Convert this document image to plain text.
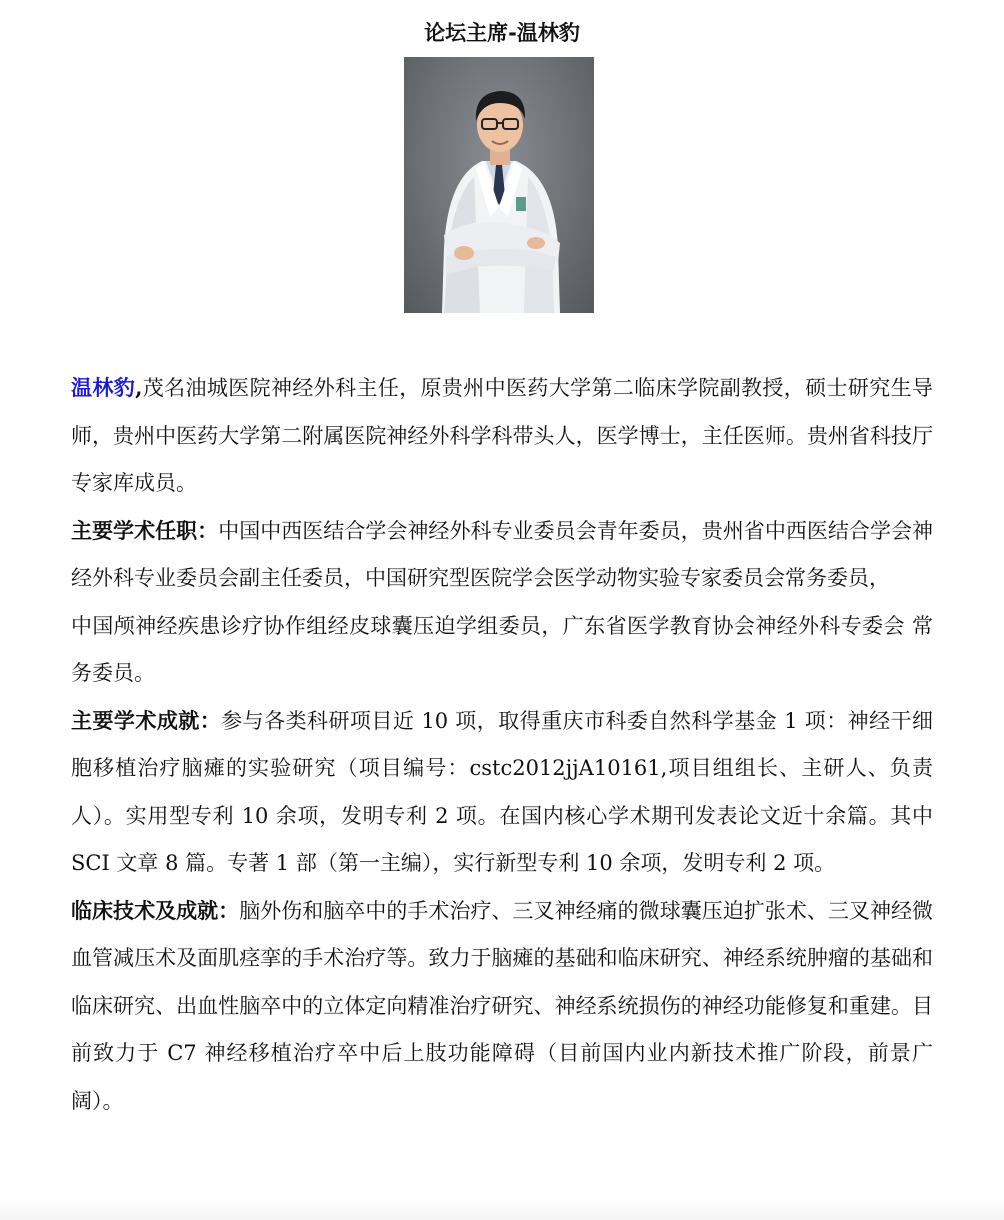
论坛主席-温林豹

温林豹,茂名油城医院神经外科主任，原贵州中医药大学第二临床学院副教授，硕士研究生导师，贵州中医药大学第二附属医院神经外科学科带头人，医学博士，主任医师。贵州省科技厅专家库成员。

主要学术任职：中国中西医结合学会神经外科专业委员会青年委员，贵州省中西医结合学会神经外科专业委员会副主任委员，中国研究型医院学会医学动物实验专家委员会常务委员，

中国颅神经疾患诊疗协作组经皮球囊压迫学组委员，广东省医学教育协会神经外科专委会 常务委员。

主要学术成就：参与各类科研项目近 10 项，取得重庆市科委自然科学基金 1 项：神经干细胞移植治疗脑瘫的实验研究（项目编号：cstc2012jjA10161,项目组组长、主研人、负责人）。实用型专利 10 余项，发明专利 2 项。在国内核心学术期刊发表论文近十余篇。其中 SCI 文章 8 篇。专著 1 部（第一主编），实行新型专利 10 余项，发明专利 2 项。

临床技术及成就：脑外伤和脑卒中的手术治疗、三叉神经痛的微球囊压迫扩张术、三叉神经微血管减压术及面肌痉挛的手术治疗等。致力于脑瘫的基础和临床研究、神经系统肿瘤的基础和临床研究、出血性脑卒中的立体定向精准治疗研究、神经系统损伤的神经功能修复和重建。目前致力于 C7 神经移植治疗卒中后上肢功能障碍（目前国内业内新技术推广阶段，前景广阔）。
